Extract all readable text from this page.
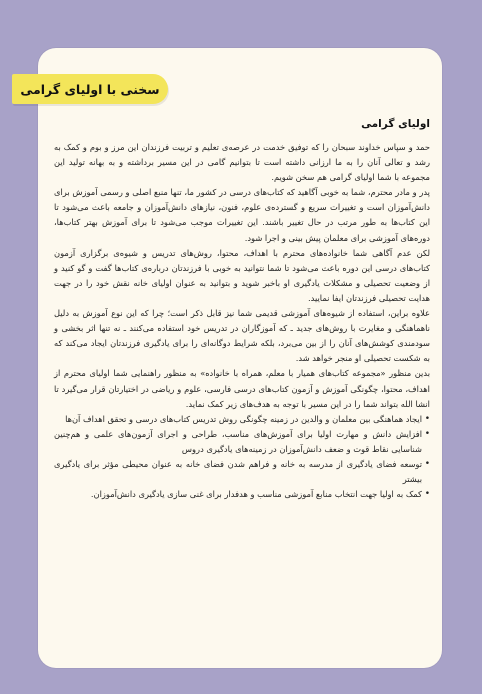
سخنی با اولیای گرامی
اولیای گرامی

حمد و سپاس خداوند سبحان را که توفیق خدمت در عرصه‌ی تعلیم و تربیت فرزندان این مرز و بوم و کمک به رشد و تعالی آنان را به ما ارزانی داشته است تا بتوانیم گامی در این مسیر برداشته و به بهانه تولید این مجموعه با شما اولیای گرامی هم سخن شویم.

پدر و مادر محترم، شما به خوبی آگاهید که کتاب‌های درسی در کشور ما، تنها منبع اصلی و رسمی آموزش برای دانش‌آموزان است و تغییرات سریع و گسترده‌ی علوم، فنون، نیازهای دانش‌آموزان و جامعه باعث می‌شود تا این کتاب‌ها به طور مرتب در حال تغییر باشند. این تغییرات موجب می‌شود تا برای آموزش بهتر کتاب‌ها، دوره‌های آموزشی برای معلمان پیش بینی و اجرا شود.

لکن عدم آگاهی شما خانواده‌های محترم با اهداف، محتوا، روش‌های تدریس و شیوه‌ی برگزاری آزمون کتاب‌های درسی این دوره باعث می‌شود تا شما نتوانید به خوبی با فرزندتان درباره‌ی کتاب‌ها گفت و گو کنید و از وضعیت تحصیلی و مشکلات یادگیری او باخبر شوید و بتوانید به عنوان اولیای خانه نقش خود را در جهت هدایت تحصیلی فرزندتان ایفا نمایید.

علاوه براین، استفاده از شیوه‌های آموزشی قدیمی شما نیز قابل ذکر است؛ چرا که این نوع آموزش به دلیل ناهماهنگی و مغایرت با روش‌های جدید ـ که آموزگاران در تدریس خود استفاده می‌کنند ـ نه تنها اثر بخشی و سودمندی کوشش‌های آنان را از بین می‌برد، بلکه شرایط دوگانه‌ای را برای یادگیری فرزندتان ایجاد می‌کند که به شکست تحصیلی او منجر خواهد شد.

بدین منظور «مجموعه کتاب‌های همیار با معلم، همراه با خانواده» به منظور راهنمایی شما اولیای محترم از اهداف، محتوا، چگونگی آموزش و آزمون کتاب‌های درسی فارسی، علوم و ریاضی در اختیارتان قرار می‌گیرد تا انشا الله بتواند شما را در این مسیر با توجه به هدف‌های زیر کمک نماید.

• ایجاد هماهنگی بین معلمان و والدین در زمینه چگونگی روش تدریس کتاب‌های درسی و تحقق اهداف آن‌ها
• افزایش دانش و مهارت اولیا برای آموزش‌های مناسب، طراحی و اجرای آزمون‌های علمی و هم‌چنین شناسایی نقاط قوت و ضعف دانش‌آموزان در زمینه‌های یادگیری دروس
• توسعه فضای یادگیری از مدرسه به خانه و فراهم شدن فضای خانه به عنوان محیطی مؤثر برای یادگیری بیشتر
• کمک به اولیا جهت انتخاب منابع آموزشی مناسب و هدفدار برای غنی سازی یادگیری دانش‌آموزان.
